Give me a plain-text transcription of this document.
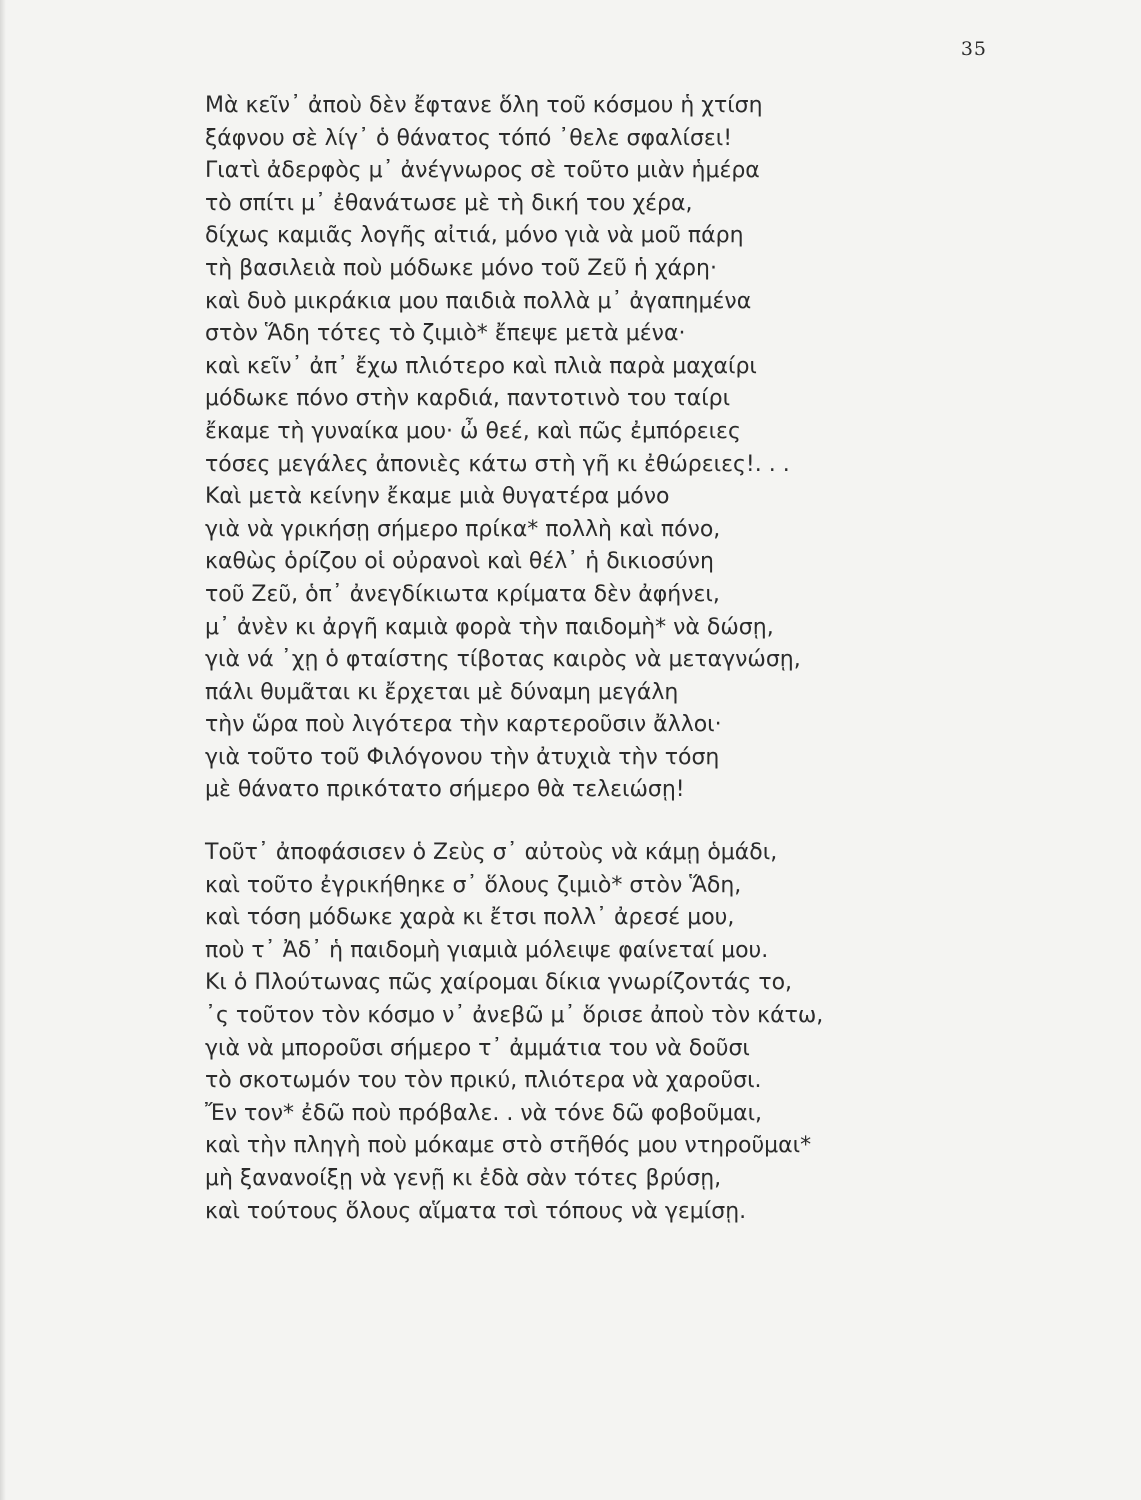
35
Μὰ κεῖν᾽ ἀποὺ δὲν ἔφτανε ὅλη τοῦ κόσμου ἡ χτίση
ξάφνου σὲ λίγ᾽ ὁ θάνατος τόπό ᾽θελε σφαλίσει!
Γιατὶ ἀδερφὸς μ᾽ ἀνέγνωρος σὲ τοῦτο μιὰν ἡμέρα
τὸ σπίτι μ᾽ ἐθανάτωσε μὲ τὴ δική του χέρα,
δίχως καμιᾶς λογῆς αἰτιά, μόνο γιὰ νὰ μοῦ πάρη
τὴ βασιλειὰ ποὺ μόδωκε μόνο τοῦ Ζεῦ ἡ χάρη·
καὶ δυὸ μικράκια μου παιδιὰ πολλὰ μ᾽ ἀγαπημένα
στὸν Ἅδη τότες τὸ ζιμιὸ* ἔπεψε μετὰ μένα·
καὶ κεῖν᾽ ἀπ᾽ ἔχω πλιότερο καὶ πλιὰ παρὰ μαχαίρι
μόδωκε πόνο στὴν καρδιά, παντοτινὸ του ταίρι
ἔκαμε τὴ γυναίκα μου· ὦ θεέ, καὶ πῶς ἐμπόρειες
τόσες μεγάλες ἀπονιὲς κάτω στὴ γῆ κι ἐθώρειες!. . .
Καὶ μετὰ κείνην ἔκαμε μιὰ θυγατέρα μόνο
γιὰ νὰ γρικήσῃ σήμερο πρίκα* πολλὴ καὶ πόνο,
καθὼς ὁρίζου οἱ οὐρανοὶ καὶ θέλ᾽ ἡ δικιοσύνη
τοῦ Ζεῦ, ὁπ᾽ ἀνεγδίκιωτα κρίματα δὲν ἀφήνει,
μ᾽ ἀνὲν κι ἀργῆ καμιὰ φορὰ τὴν παιδομὴ* νὰ δώσῃ,
γιὰ νά ᾽χῃ ὁ φταίστης τίβοτας καιρὸς νὰ μεταγνώσῃ,
πάλι θυμᾶται κι ἔρχεται μὲ δύναμη μεγάλη
τὴν ὥρα ποὺ λιγότερα τὴν καρτεροῦσιν ἄλλοι·
γιὰ τοῦτο τοῦ Φιλόγονου τὴν ἀτυχιὰ τὴν τόση
μὲ θάνατο πρικότατο σήμερο θὰ τελειώσῃ!
Τοῦτ᾽ ἀποφάσισεν ὁ Ζεὺς σ᾽ αὐτοὺς νὰ κάμῃ ὁμάδι,
καὶ τοῦτο ἐγρικήθηκε σ᾽ ὅλους ζιμιὸ* στὸν Ἅδη,
καὶ τόση μόδωκε χαρὰ κι ἔτσι πολλ᾽ ἀρεσέ μου,
ποὺ τ᾽ Ἀδ᾽ ἡ παιδομὴ γιαμιὰ μόλειψε φαίνεταί μου.
Κι ὁ Πλούτωνας πῶς χαίρομαι δίκια γνωρίζοντάς το,
᾽ς τοῦτον τὸν κόσμο ν᾽ ἀνεβῶ μ᾽ ὅρισε ἀποὺ τὸν κάτω,
γιὰ νὰ μποροῦσι σήμερο τ᾽ ἀμμάτια του νὰ δοῦσι
τὸ σκοτωμόν του τὸν πρικύ, πλιότερα νὰ χαροῦσι.
Ἔν τον* ἐδῶ ποὺ πρόβαλε. . νὰ τόνε δῶ φοβοῦμαι,
καὶ τὴν πληγὴ ποὺ μόκαμε στὸ στῆθός μου ντηροῦμαι*
μὴ ξανανοίξῃ νὰ γενῇ κι ἐδὰ σὰν τότες βρύσῃ,
καὶ τούτους ὅλους αἵματα τσὶ τόπους νὰ γεμίσῃ.
